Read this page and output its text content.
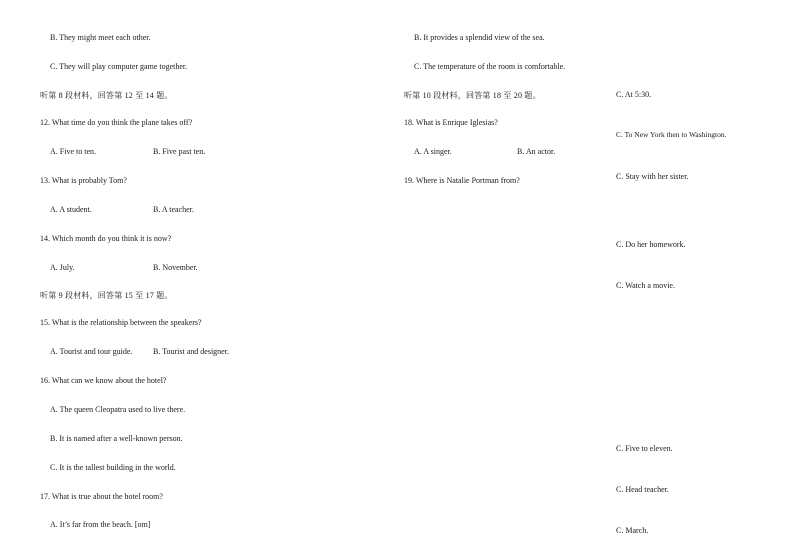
B. They might meet each other.
C. They will play computer game together.
听第 8 段材料，回答第 12 至 14 题。
12. What time do you think the plane takes off?
A. Five to ten.	B. Five past ten.
13. What is probably Tom?
A. A student.	B. A teacher.
14. Which month do you think it is now?
A. July.	B. November.
听第 9 段材料，回答第 15 至 17 题。
15. What is the relationship between the speakers?
A. Tourist and tour guide.	B. Tourist and designer.
16. What can we know about the hotel?
A. The queen Cleopatra used to live there.
B. It is named after a well-known person.
C. It is the tallest building in the world.
17. What is true about the hotel room?
A. It’s far from the beach. [om]
B. It provides a splendid view of the sea.
C. The temperature of the room is comfortable.
听第 10 段材料，回答第 18 至 20 题。
18. What is Enrique Iglesias?
A. A singer.	B. An actor.
19. Where is Natalie Portman from?
C. At 5:30.
C. To New York then to Washington.
C. Stay with her sister.
C. Do her homework.
C. Watch a movie.
C. Five to eleven.
C. Head teacher.
C. March.
